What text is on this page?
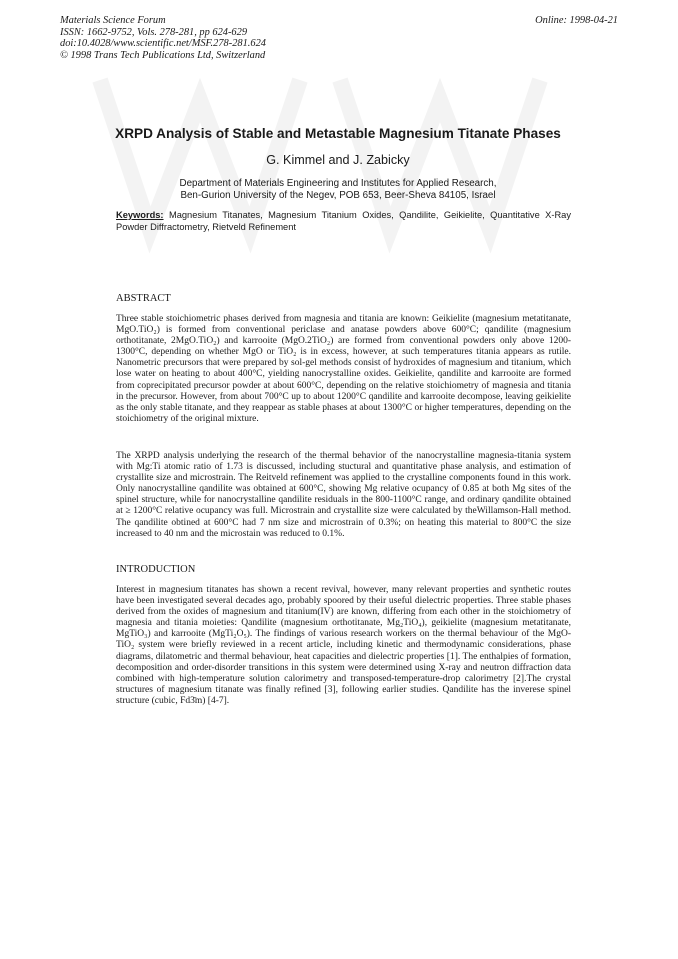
Materials Science Forum
ISSN: 1662-9752, Vols. 278-281, pp 624-629
doi:10.4028/www.scientific.net/MSF.278-281.624
© 1998 Trans Tech Publications Ltd, Switzerland
Online: 1998-04-21
XRPD Analysis of Stable and Metastable Magnesium Titanate Phases
G. Kimmel and J. Zabicky
Department of Materials Engineering and Institutes for Applied Research,
Ben-Gurion University of the Negev, POB 653, Beer-Sheva 84105, Israel
Keywords: Magnesium Titanates, Magnesium Titanium Oxides, Qandilite, Geikielite, Quantitative X-Ray Powder Diffractometry, Rietveld Refinement
ABSTRACT

Three stable stoichiometric phases derived from magnesia and titania are known: Geikielite (magnesium metatitanate, MgO.TiO₂) is formed from conventional periclase and anatase powders above 600°C; qandilite (magnesium orthotitanate, 2MgO.TiO₂) and karrooite (MgO.2TiO₂) are formed from conventional powders only above 1200-1300°C, depending on whether MgO or TiO₂ is in excess, however, at such temperatures titania appears as rutile. Nanometric precursors that were prepared by sol-gel methods consist of hydroxides of magnesium and titanium, which lose water on heating to about 400°C, yielding nanocrystalline oxides. Geikielite, qandilite and karrooite are formed from coprecipitated precursor powder at about 600°C, depending on the relative stoichiometry of magnesia and titania in the precursor. However, from about 700°C up to about 1200°C qandilite and karrooite decompose, leaving geikielite as the only stable titanate, and they reappear as stable phases at about 1300°C or higher temperatures, depending on the stoichiometry of the original mixture.

The XRPD analysis underlying the research of the thermal behavior of the nanocrystalline magnesia-titania system with Mg:Ti atomic ratio of 1.73 is discussed, including stuctural and quantitative phase analysis, and estimation of crystallite size and microstrain. The Reitveld refinement was applied to the crystalline components found in this work. Only nanocrystalline qandilite was obtained at 600°C, showing Mg relative ocupancy of 0.85 at both Mg sites of the spinel structure, while for nanocrystalline qandilite residuals in the 800-1100°C range, and ordinary qandilite obtained at ≥ 1200°C relative ocupancy was full. Microstrain and crystallite size were calculated by theWillamson-Hall method. The qandilite obtined at 600°C had 7 nm size and microstrain of 0.3%; on heating this material to 800°C the size increased to 40 nm and the microstain was reduced to 0.1%.

INTRODUCTION

Interest in magnesium titanates has shown a recent revival, however, many relevant properties and synthetic routes have been investigated several decades ago, probably spoored by their useful dielectric properties. Three stable phases derived from the oxides of magnesium and titanium(IV) are known, differing from each other in the stoichiometry of magnesia and titania moieties: Qandilite (magnesium orthotitanate, Mg₂TiO₄), geikielite (magnesium metatitanate, MgTiO₃) and karrooite (MgTi₂O₅). The findings of various research workers on the thermal behaviour of the MgO-TiO₂ system were briefly reviewed in a recent article, including kinetic and thermodynamic considerations, phase diagrams, dilatometric and thermal behaviour, heat capacities and dielectric properties [1]. The enthalpies of formation, decomposition and order-disorder transitions in this system were determined using X-ray and neutron diffraction data combined with high-temperature solution calorimetry and transposed-temperature-drop calorimetry [2].The crystal structures of magnesium titanate was finally refined [3], following earlier studies. Qandilite has the inverese spinel structure (cubic, Fd3̄m) [4-7].
